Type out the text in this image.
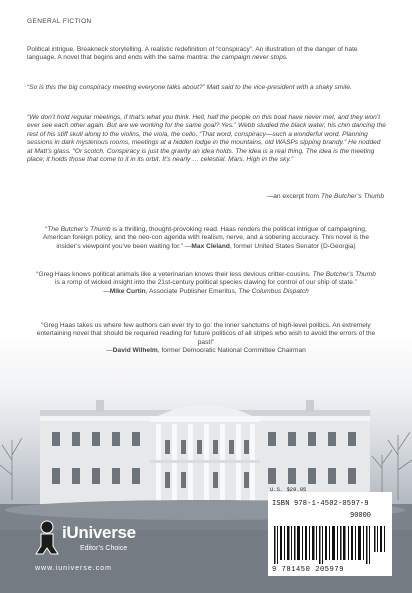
GENERAL FICTION
Political intrigue. Breakneck storytelling. A realistic redefinition of “conspiracy”. An illustration of the danger of hate language. A novel that begins and ends with the same mantra: the campaign never stops.
“So is this the big conspiracy meeting everyone talks about?” Matt said to the vice-president with a shaky smile.
“We don’t hold regular meetings, if that’s what you think. Hell, half the people on this boat have never met, and they won’t ever see each other again. But are we working for the same goal? Yes.” Webb studied the black water, his chin dancing the rest of his stiff skull along to the violins, the viola, the cello. “That word, conspiracy—such a wonderful word. Planning sessions in dark mysterious rooms, meetings at a hidden lodge in the mountains, old WASPs sipping brandy.” He nodded at Matt’s glass. “Or scotch. Conspiracy is just the gravity an idea holds. The idea is a real thing. The idea is the meeting place; it holds those that come to it in its orbit. It’s nearly … celestial. Mars. High in the sky.”
—an excerpt from The Butcher’s Thumb
“The Butcher’s Thumb is a thrilling, thought-provoking read. Haas renders the political intrigue of campaigning, American foreign policy, and the neo-con agenda with realism, nerve, and a sobering accuracy. This novel is the insider’s viewpoint you’ve been waiting for.” —Max Cleland, former United States Senator (D-Georgia)
“Greg Haas knows political animals like a veterinarian knows their less devious critter-cousins. The Butcher’s Thumb is a romp of wicked insight into the 21st-century political species clawing for control of our ship of state.”
—Mike Curtin, Associate Publisher Emeritus, The Columbus Dispatch
“Greg Haas takes us where few authors can ever try to go: the inner sanctums of high-level politics. An extremely entertaining novel that should be required reading for future politicos of all stripes who wish to avoid the errors of the past!”
—David Wilhelm, former Democratic National Committee Chairman
U.S. $29.95
ISBN 978-1-4502-0597-9
90000
9 781450 205979
iUniverse
Editor’s Choice
www.iuniverse.com
